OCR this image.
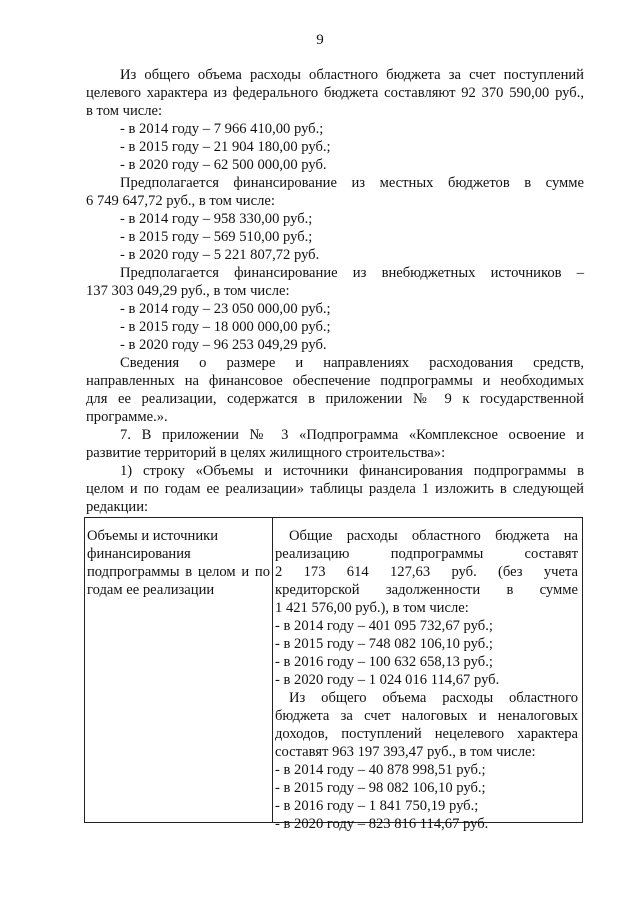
9
Из общего объема расходы областного бюджета за счет поступлений
целевого характера из федерального бюджета составляют 92 370 590,00 руб.,
в том числе:
- в 2014 году – 7 966 410,00 руб.;
- в 2015 году – 21 904 180,00 руб.;
- в 2020 году – 62 500 000,00 руб.
Предполагается финансирование из местных бюджетов в сумме
6 749 647,72 руб., в том числе:
- в 2014 году – 958 330,00 руб.;
- в 2015 году – 569 510,00 руб.;
- в 2020 году – 5 221 807,72 руб.
Предполагается финансирование из внебюджетных источников –
137 303 049,29 руб., в том числе:
- в 2014 году – 23 050 000,00 руб.;
- в 2015 году – 18 000 000,00 руб.;
- в 2020 году – 96 253 049,29 руб.
Сведения о размере и направлениях расходования средств,
направленных на финансовое обеспечение подпрограммы и необходимых
для ее реализации, содержатся в приложении № 9 к государственной
программе.».
7. В приложении № 3 «Подпрограмма «Комплексное освоение и
развитие территорий в целях жилищного строительства»:
1) строку «Объемы и источники финансирования подпрограммы в
целом и по годам ее реализации» таблицы раздела 1 изложить в следующей
редакции:
Объемы и источники
финансирования
подпрограммы в целом и по
годам ее реализации
Общие расходы областного бюджета на
реализацию подпрограммы составят
2 173 614 127,63 руб. (без учета
кредиторской задолженности в сумме
1 421 576,00 руб.), в том числе:
- в 2014 году – 401 095 732,67 руб.;
- в 2015 году – 748 082 106,10 руб.;
- в 2016 году – 100 632 658,13 руб.;
- в 2020 году – 1 024 016 114,67 руб.
Из общего объема расходы областного
бюджета за счет налоговых и неналоговых
доходов, поступлений нецелевого характера
составят 963 197 393,47 руб., в том числе:
- в 2014 году – 40 878 998,51 руб.;
- в 2015 году – 98 082 106,10 руб.;
- в 2016 году – 1 841 750,19 руб.;
- в 2020 году – 823 816 114,67 руб.
